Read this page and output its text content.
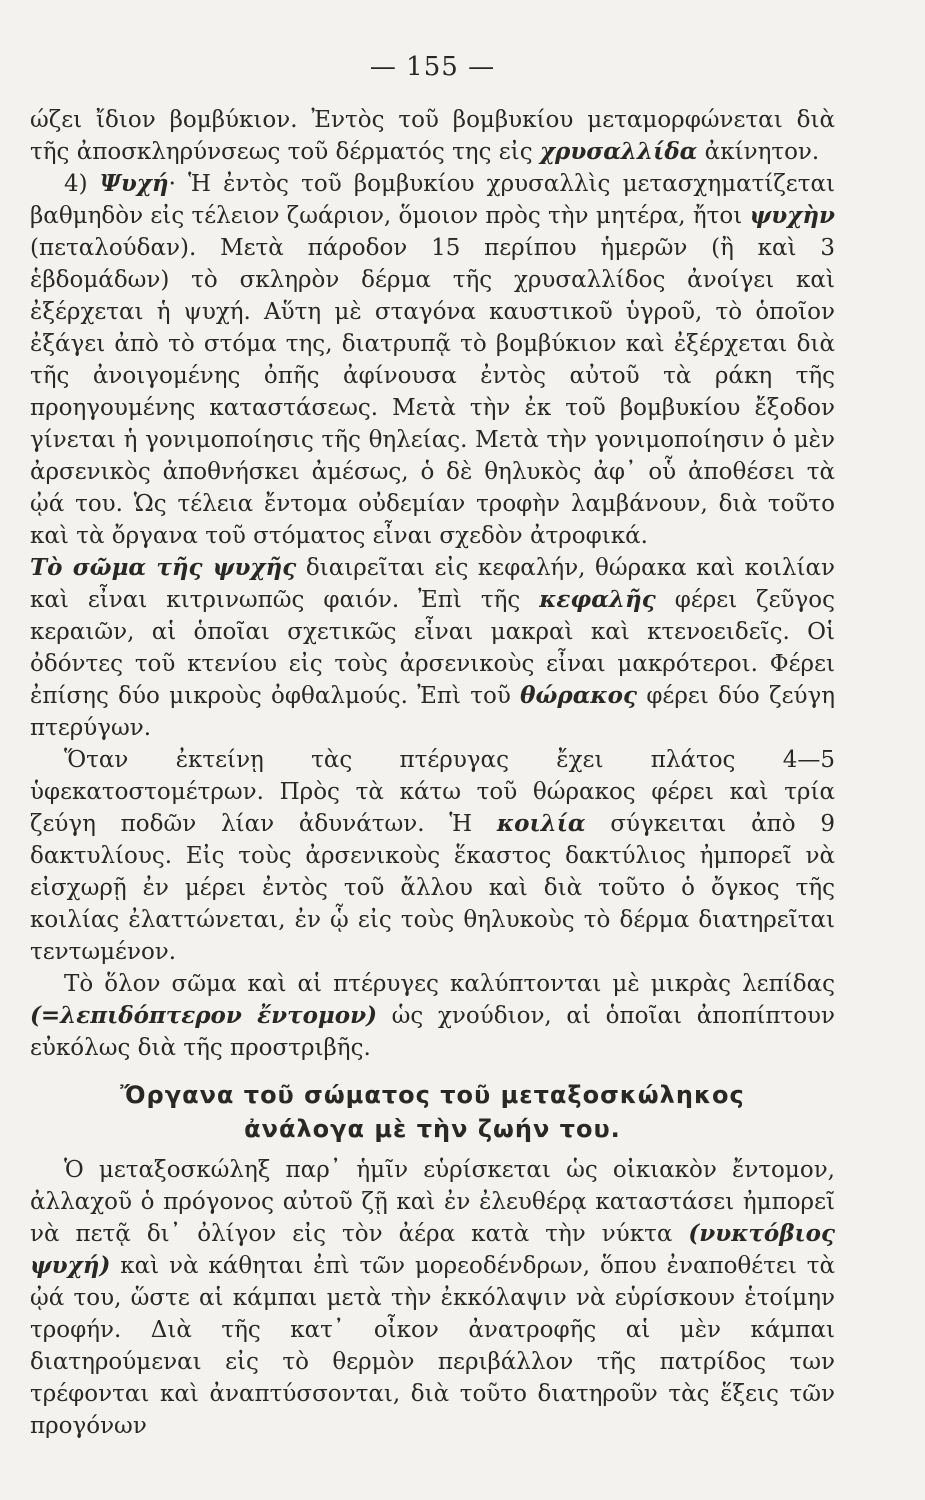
— 155 —

ώζει ἴδιον βομβύκιον. Ἐντὸς τοῦ βομβυκίου μεταμορφώνεται διὰ τῆς ἀποσκληρύνσεως τοῦ δέρματός της εἰς χρυσαλλίδα ἀκίνητον.

4) Ψυχή· Ἡ ἐντὸς τοῦ βομβυκίου χρυσαλλὶς μετασχηματίζεται βαθμηδὸν εἰς τέλειον ζωάριον, ὅμοιον πρὸς τὴν μητέρα, ἤτοι ψυχὴν (πεταλούδαν). Μετὰ πάροδον 15 περίπου ἡμερῶν (ἢ καὶ 3 ἑβδομάδων) τὸ σκληρὸν δέρμα τῆς χρυσαλλίδος ἀνοίγει καὶ ἐξέρχεται ἡ ψυχή. Αὕτη μὲ σταγόνα καυστικοῦ ὑγροῦ, τὸ ὁποῖον ἐξάγει ἀπὸ τὸ στόμα της, διατρυπᾷ τὸ βομβύκιον καὶ ἐξέρχεται διὰ τῆς ἀνοιγομένης ὀπῆς ἀφίνουσα ἐντὸς αὐτοῦ τὰ ράκη τῆς προηγουμένης καταστάσεως. Μετὰ τὴν ἐκ τοῦ βομβυκίου ἔξοδον γίνεται ἡ γονιμοποίησις τῆς θηλείας. Μετὰ τὴν γονιμοποίησιν ὁ μὲν ἀρσενικὸς ἀποθνήσκει ἀμέσως, ὁ δὲ θηλυκὸς ἀφ᾿ οὗ ἀποθέσει τὰ ᾠά του. Ὡς τέλεια ἔντομα οὐδεμίαν τροφὴν λαμβάνουν, διὰ τοῦτο καὶ τὰ ὄργανα τοῦ στόματος εἶναι σχεδὸν ἀτροφικά.

Τὸ σῶμα τῆς ψυχῆς διαιρεῖται εἰς κεφαλήν, θώρακα καὶ κοιλίαν καὶ εἶναι κιτρινωπῶς φαιόν. Ἐπὶ τῆς κεφαλῆς φέρει ζεῦγος κεραιῶν, αἱ ὁποῖαι σχετικῶς εἶναι μακραὶ καὶ κτενοειδεῖς. Οἱ ὀδόντες τοῦ κτενίου εἰς τοὺς ἀρσενικοὺς εἶναι μακρότεροι. Φέρει ἐπίσης δύο μικροὺς ὀφθαλμούς. Ἐπὶ τοῦ θώρακος φέρει δύο ζεύγη πτερύγων.

Ὅταν ἐκτείνῃ τὰς πτέρυγας ἔχει πλάτος 4—5 ὑφεκατοστομέτρων. Πρὸς τὰ κάτω τοῦ θώρακος φέρει καὶ τρία ζεύγη ποδῶν λίαν ἀδυνάτων. Ἡ κοιλία σύγκειται ἀπὸ 9 δακτυλίους. Εἰς τοὺς ἀρσενικοὺς ἕκαστος δακτύλιος ἠμπορεῖ νὰ εἰσχωρῇ ἐν μέρει ἐντὸς τοῦ ἄλλου καὶ διὰ τοῦτο ὁ ὄγκος τῆς κοιλίας ἐλαττώνεται, ἐν ᾧ εἰς τοὺς θηλυκοὺς τὸ δέρμα διατηρεῖται τεντωμένον.

Τὸ ὅλον σῶμα καὶ αἱ πτέρυγες καλύπτονται μὲ μικρὰς λεπίδας (=λεπιδόπτερον ἔντομον) ὡς χνούδιον, αἱ ὁποῖαι ἀποπίπτουν εὐκόλως διὰ τῆς προστριβῆς.

Ὄργανα τοῦ σώματος τοῦ μεταξοσκώληκος
ἀνάλογα μὲ τὴν ζωήν του.

Ὁ μεταξοσκώληξ παρ᾿ ἡμῖν εὑρίσκεται ὡς οἰκιακὸν ἔντομον, ἀλλαχοῦ ὁ πρόγονος αὐτοῦ ζῇ καὶ ἐν ἐλευθέρᾳ καταστάσει ἠμπορεῖ νὰ πετᾷ δι᾿ ὀλίγον εἰς τὸν ἀέρα κατὰ τὴν νύκτα (νυκτόβιος ψυχή) καὶ νὰ κάθηται ἐπὶ τῶν μορεοδένδρων, ὅπου ἐναποθέτει τὰ ᾠά του, ὥστε αἱ κάμπαι μετὰ τὴν ἐκκόλαψιν νὰ εὑρίσκουν ἑτοίμην τροφήν. Διὰ τῆς κατ᾿ οἶκον ἀνατροφῆς αἱ μὲν κάμπαι διατηρούμεναι εἰς τὸ θερμὸν περιβάλλον τῆς πατρίδος των τρέφονται καὶ ἀναπτύσσονται, διὰ τοῦτο διατηροῦν τὰς ἕξεις τῶν προγόνων
